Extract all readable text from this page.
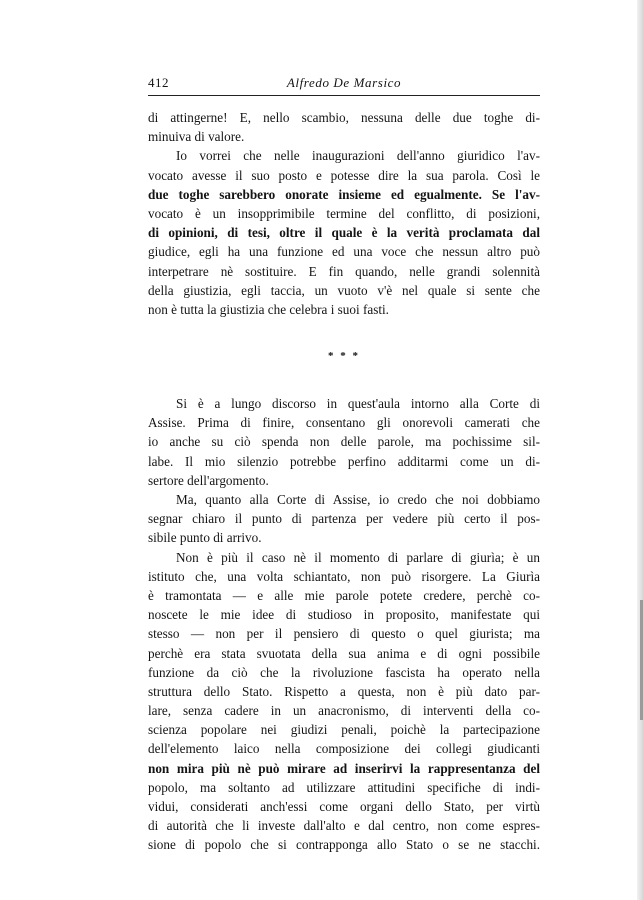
412	Alfredo De Marsico
di attingerne! E, nello scambio, nessuna delle due toghe di-
minuiva di valore.
Io vorrei che nelle inaugurazioni dell'anno giuridico l'av-
vocato avesse il suo posto e potesse dire la sua parola. Così le
due toghe sarebbero onorate insieme ed egualmente. Se l'av-
vocato è un insopprimibile termine del conflitto, di posizioni,
di opinioni, di tesi, oltre il quale è la verità proclamata dal
giudice, egli ha una funzione ed una voce che nessun altro può
interpetrare nè sostituire. E fin quando, nelle grandi solennità
della giustizia, egli taccia, un vuoto v'è nel quale si sente che
non è tutta la giustizia che celebra i suoi fasti.
* * *
Si è a lungo discorso in quest'aula intorno alla Corte di
Assise. Prima di finire, consentano gli onorevoli camerati che
io anche su ciò spenda non delle parole, ma pochissime sil-
labe. Il mio silenzio potrebbe perfino additarmi come un di-
sertore dell'argomento.
Ma, quanto alla Corte di Assise, io credo che noi dobbiamo
segnar chiaro il punto di partenza per vedere più certo il pos-
sibile punto di arrivo.
Non è più il caso nè il momento di parlare di giurìa; è un
istituto che, una volta schiantato, non può risorgere. La Giurìa
è tramontata — e alle mie parole potete credere, perchè co-
noscete le mie idee di studioso in proposito, manifestate qui
stesso — non per il pensiero di questo o quel giurista; ma
perchè era stata svuotata della sua anima e di ogni possibile
funzione da ciò che la rivoluzione fascista ha operato nella
struttura dello Stato. Rispetto a questa, non è più dato par-
lare, senza cadere in un anacronismo, di interventi della co-
scienza popolare nei giudizi penali, poichè la partecipazione
dell'elemento laico nella composizione dei collegi giudicanti
non mira più nè può mirare ad inserirvi la rappresentanza del
popolo, ma soltanto ad utilizzare attitudini specifiche di indi-
vidui, considerati anch'essi come organi dello Stato, per virtù
di autorità che li investe dall'alto e dal centro, non come espres-
sione di popolo che si contrapponga allo Stato o se ne stacchi.
